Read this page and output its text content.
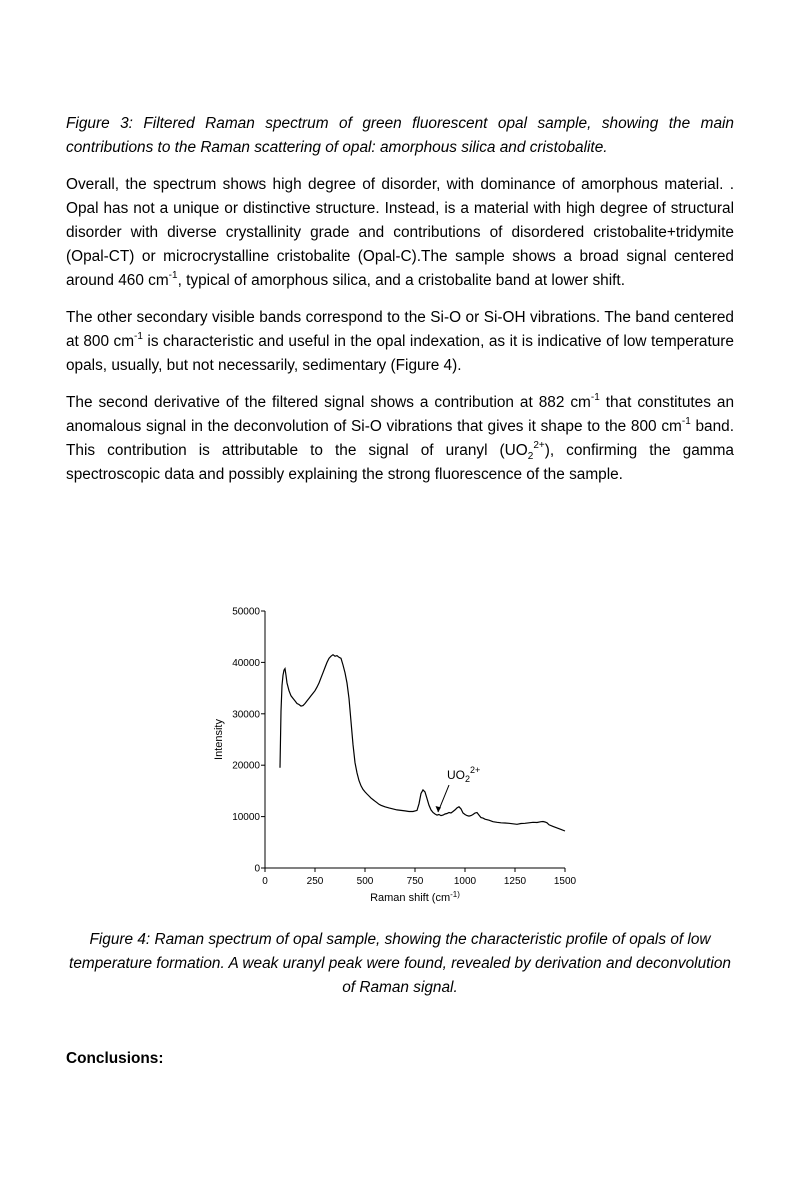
Figure 3: Filtered Raman spectrum of green fluorescent opal sample, showing the main contributions to the Raman scattering of opal: amorphous silica and cristobalite.

Overall, the spectrum shows high degree of disorder, with dominance of amorphous material. . Opal has not a unique or distinctive structure. Instead, is a material with high degree of structural disorder with diverse crystallinity grade and contributions of disordered cristobalite+tridymite (Opal-CT) or microcrystalline cristobalite (Opal-C).The sample shows a broad signal centered around 460 $cm^{-1}$, typical of amorphous silica, and a cristobalite band at lower shift.

The other secondary visible bands correspond to the Si-O or Si-OH vibrations. The band centered at 800 $cm^{-1}$ is characteristic and useful in the opal indexation, as it is indicative of low temperature opals, usually, but not necessarily, sedimentary (Figure 4).

The second derivative of the filtered signal shows a contribution at 882 $cm^{-1}$ that constitutes an anomalous signal in the deconvolution of Si-O vibrations that gives it shape to the 800 $cm^{-1}$ band. This contribution is attributable to the signal of uranyl $(UO_2^{2+})$, confirming the gamma spectroscopic data and possibly explaining the strong fluorescence of the sample.

0
10000
20000
30000
40000
50000
0	250	500	750	1000	1250	1500
$UO_2^{2+}$
Intensity
Raman shift ($cm^{-1)}$
Figure 4: Raman spectrum of opal sample, showing the characteristic profile of opals of low temperature formation. A weak uranyl peak were found, revealed by derivation and deconvolution of Raman signal.
Conclusions:
